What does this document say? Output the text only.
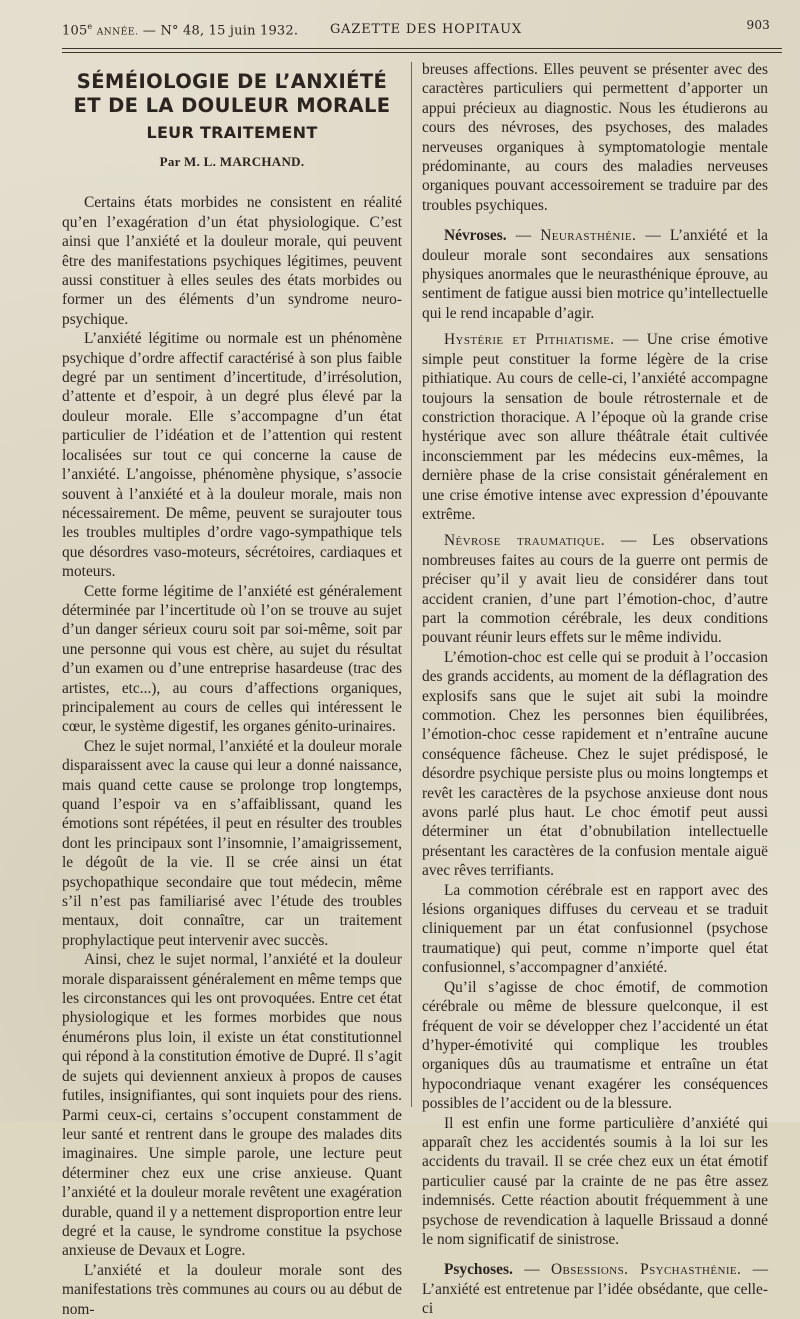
105e ANNÉE. — N° 48, 15 juin 1932. GAZETTE DES HOPITAUX	903
SÉMÉIOLOGIE DE L’ANXIÉTÉ
ET DE LA DOULEUR MORALE
LEUR TRAITEMENT
Par M. L. MARCHAND.

Certains états morbides ne consistent en réalité qu’en l’exagération d’un état physiologique. C’est ainsi que l’anxiété et la douleur morale, qui peuvent être des manifestations psychiques légitimes, peuvent aussi constituer à elles seules des états morbides ou former un des éléments d’un syndrome neuro-psychique.

L’anxiété légitime ou normale est un phénomène psychique d’ordre affectif caractérisé à son plus faible degré par un sentiment d’incertitude, d’irrésolution, d’attente et d’espoir, à un degré plus élevé par la douleur morale. Elle s’accompagne d’un état particulier de l’idéation et de l’attention qui restent localisées sur tout ce qui concerne la cause de l’anxiété. L’angoisse, phénomène physique, s’associe souvent à l’anxiété et à la douleur morale, mais non nécessairement. De même, peuvent se surajouter tous les troubles multiples d’ordre vago-sympathique tels que désordres vaso-moteurs, sécrétoires, cardiaques et moteurs.

Cette forme légitime de l’anxiété est généralement déterminée par l’incertitude où l’on se trouve au sujet d’un danger sérieux couru soit par soi-même, soit par une personne qui vous est chère, au sujet du résultat d’un examen ou d’une entreprise hasardeuse (trac des artistes, etc...), au cours d’affections organiques, principalement au cours de celles qui intéressent le cœur, le système digestif, les organes génito-urinaires.

Chez le sujet normal, l’anxiété et la douleur morale disparaissent avec la cause qui leur a donné naissance, mais quand cette cause se prolonge trop longtemps, quand l’espoir va en s’affaiblissant, quand les émotions sont répétées, il peut en résulter des troubles dont les principaux sont l’insomnie, l’amaigrissement, le dégoût de la vie. Il se crée ainsi un état psychopathique secondaire que tout médecin, même s’il n’est pas familiarisé avec l’étude des troubles mentaux, doit connaître, car un traitement prophylactique peut intervenir avec succès.

Ainsi, chez le sujet normal, l’anxiété et la douleur morale disparaissent généralement en même temps que les circonstances qui les ont provoquées. Entre cet état physiologique et les formes morbides que nous énumérons plus loin, il existe un état constitutionnel qui répond à la constitution émotive de Dupré. Il s’agit de sujets qui deviennent anxieux à propos de causes futiles, insignifiantes, qui sont inquiets pour des riens. Parmi ceux-ci, certains s’occupent constamment de leur santé et rentrent dans le groupe des malades dits imaginaires. Une simple parole, une lecture peut déterminer chez eux une crise anxieuse. Quant l’anxiété et la douleur morale revêtent une exagération durable, quand il y a nettement disproportion entre leur degré et la cause, le syndrome constitue la psychose anxieuse de Devaux et Logre.

L’anxiété et la douleur morale sont des manifestations très communes au cours ou au début de nom-

breuses affections. Elles peuvent se présenter avec des caractères particuliers qui permettent d’apporter un appui précieux au diagnostic. Nous les étudierons au cours des névroses, des psychoses, des malades nerveuses organiques à symptomatologie mentale prédominante, au cours des maladies nerveuses organiques pouvant accessoirement se traduire par des troubles psychiques.

Névroses. — Neurasthénie. — L’anxiété et la douleur morale sont secondaires aux sensations physiques anormales que le neurasthénique éprouve, au sentiment de fatigue aussi bien motrice qu’intellectuelle qui le rend incapable d’agir.

Hystérie et Pithiatisme. — Une crise émotive simple peut constituer la forme légère de la crise pithiatique. Au cours de celle-ci, l’anxiété accompagne toujours la sensation de boule rétrosternale et de constriction thoracique. A l’époque où la grande crise hystérique avec son allure théâtrale était cultivée inconsciemment par les médecins eux-mêmes, la dernière phase de la crise consistait généralement en une crise émotive intense avec expression d’épouvante extrême.

Névrose traumatique. — Les observations nombreuses faites au cours de la guerre ont permis de préciser qu’il y avait lieu de considérer dans tout accident cranien, d’une part l’émotion-choc, d’autre part la commotion cérébrale, les deux conditions pouvant réunir leurs effets sur le même individu.

L’émotion-choc est celle qui se produit à l’occasion des grands accidents, au moment de la déflagration des explosifs sans que le sujet ait subi la moindre commotion. Chez les personnes bien équilibrées, l’émotion-choc cesse rapidement et n’entraîne aucune conséquence fâcheuse. Chez le sujet prédisposé, le désordre psychique persiste plus ou moins longtemps et revêt les caractères de la psychose anxieuse dont nous avons parlé plus haut. Le choc émotif peut aussi déterminer un état d’obnubilation intellectuelle présentant les caractères de la confusion mentale aiguë avec rêves terrifiants.

La commotion cérébrale est en rapport avec des lésions organiques diffuses du cerveau et se traduit cliniquement par un état confusionnel (psychose traumatique) qui peut, comme n’importe quel état confusionnel, s’accompagner d’anxiété.

Qu’il s’agisse de choc émotif, de commotion cérébrale ou même de blessure quelconque, il est fréquent de voir se développer chez l’accidenté un état d’hyper-émotivité qui complique les troubles organiques dûs au traumatisme et entraîne un état hypocondriaque venant exagérer les conséquences possibles de l’accident ou de la blessure.

Il est enfin une forme particulière d’anxiété qui apparaît chez les accidentés soumis à la loi sur les accidents du travail. Il se crée chez eux un état émotif particulier causé par la crainte de ne pas être assez indemnisés. Cette réaction aboutit fréquemment à une psychose de revendication à laquelle Brissaud a donné le nom significatif de sinistrose.

Psychoses. — Obsessions. Psychasthénie. — L’anxiété est entretenue par l’idée obsédante, que celle-ci
